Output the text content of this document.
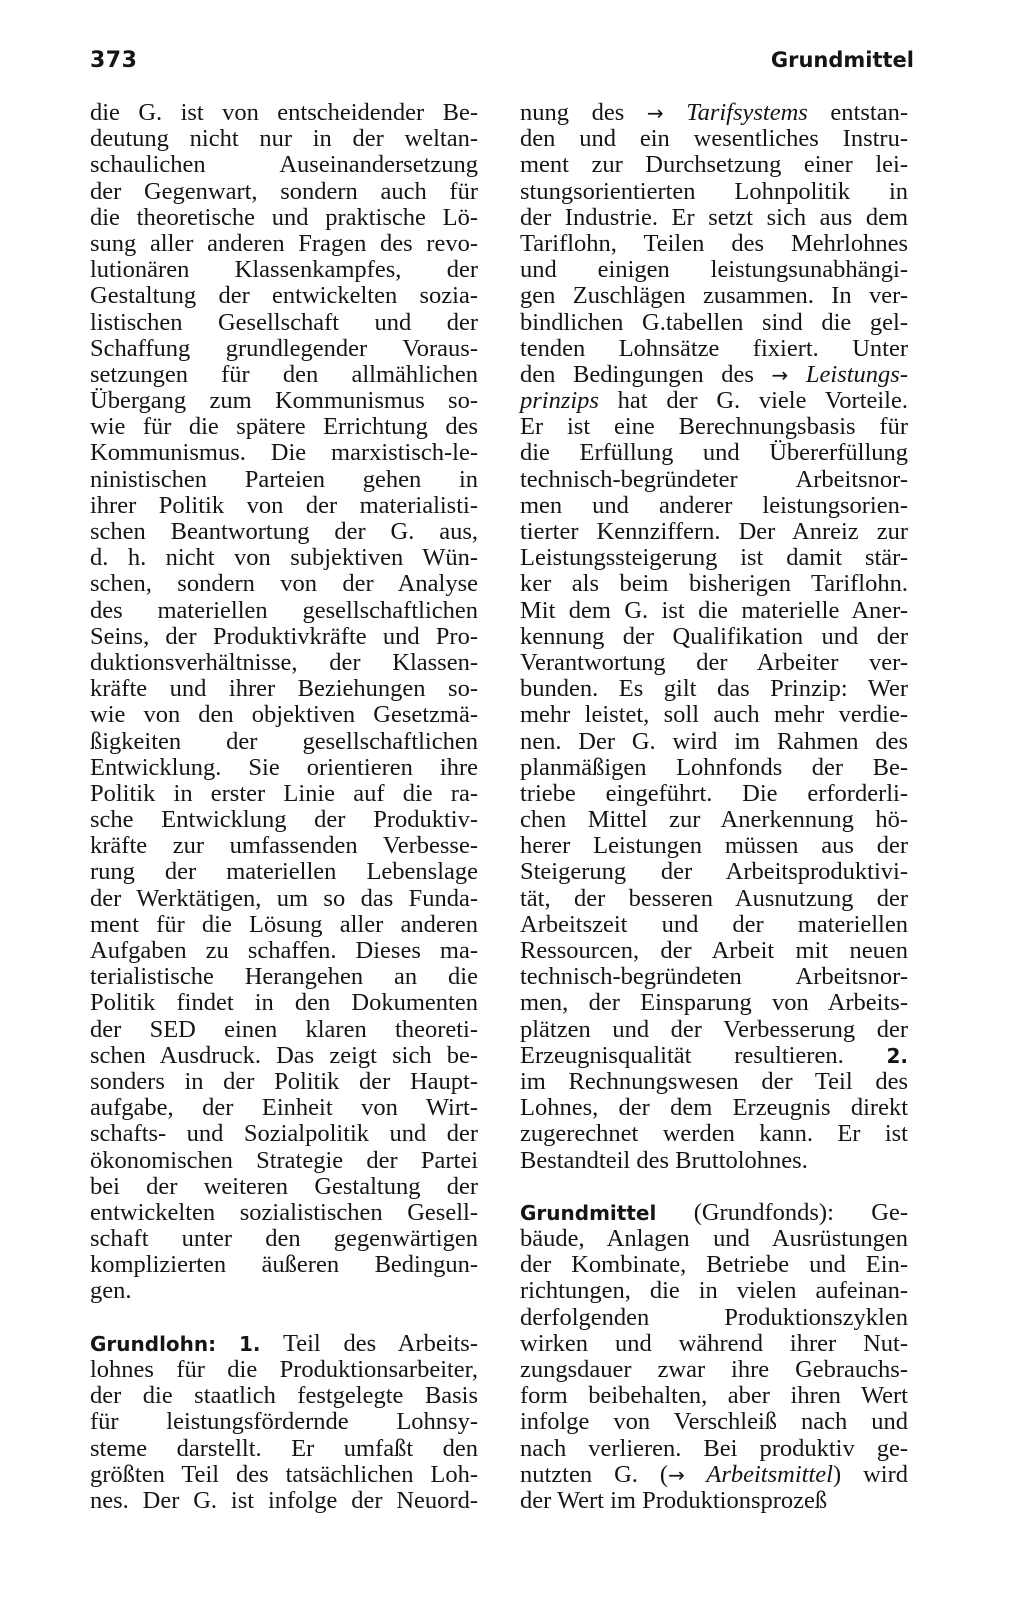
373	Grundmittel
die G. ist von entscheidender Be-
deutung nicht nur in der weltan-
schaulichen Auseinandersetzung
der Gegenwart, sondern auch für
die theoretische und praktische Lö-
sung aller anderen Fragen des revo-
lutionären Klassenkampfes, der
Gestaltung der entwickelten sozia-
listischen Gesellschaft und der
Schaffung grundlegender Voraus-
setzungen für den allmählichen
Übergang zum Kommunismus so-
wie für die spätere Errichtung des
Kommunismus. Die marxistisch-le-
ninistischen Parteien gehen in
ihrer Politik von der materialisti-
schen Beantwortung der G. aus,
d. h. nicht von subjektiven Wün-
schen, sondern von der Analyse
des materiellen gesellschaftlichen
Seins, der Produktivkräfte und Pro-
duktionsverhältnisse, der Klassen-
kräfte und ihrer Beziehungen so-
wie von den objektiven Gesetzmä-
ßigkeiten der gesellschaftlichen
Entwicklung. Sie orientieren ihre
Politik in erster Linie auf die ra-
sche Entwicklung der Produktiv-
kräfte zur umfassenden Verbesse-
rung der materiellen Lebenslage
der Werktätigen, um so das Funda-
ment für die Lösung aller anderen
Aufgaben zu schaffen. Dieses ma-
terialistische Herangehen an die
Politik findet in den Dokumenten
der SED einen klaren theoreti-
schen Ausdruck. Das zeigt sich be-
sonders in der Politik der Haupt-
aufgabe, der Einheit von Wirt-
schafts- und Sozialpolitik und der
ökonomischen Strategie der Partei
bei der weiteren Gestaltung der
entwickelten sozialistischen Gesell-
schaft unter den gegenwärtigen
komplizierten äußeren Bedingun-
gen.
Grundlohn: 1. Teil des Arbeits-
lohnes für die Produktionsarbeiter,
der die staatlich festgelegte Basis
für leistungsfördernde Lohnsy-
steme darstellt. Er umfaßt den
größten Teil des tatsächlichen Loh-
nes. Der G. ist infolge der Neuord-
nung des → Tarifsystems entstan-
den und ein wesentliches Instru-
ment zur Durchsetzung einer lei-
stungsorientierten Lohnpolitik in
der Industrie. Er setzt sich aus dem
Tariflohn, Teilen des Mehrlohnes
und einigen leistungsunabhängi-
gen Zuschlägen zusammen. In ver-
bindlichen G.tabellen sind die gel-
tenden Lohnsätze fixiert. Unter
den Bedingungen des → Leistungs-
prinzips hat der G. viele Vorteile.
Er ist eine Berechnungsbasis für
die Erfüllung und Übererfüllung
technisch-begründeter Arbeitsnor-
men und anderer leistungsorien-
tierter Kennziffern. Der Anreiz zur
Leistungssteigerung ist damit stär-
ker als beim bisherigen Tariflohn.
Mit dem G. ist die materielle Aner-
kennung der Qualifikation und der
Verantwortung der Arbeiter ver-
bunden. Es gilt das Prinzip: Wer
mehr leistet, soll auch mehr verdie-
nen. Der G. wird im Rahmen des
planmäßigen Lohnfonds der Be-
triebe eingeführt. Die erforderli-
chen Mittel zur Anerkennung hö-
herer Leistungen müssen aus der
Steigerung der Arbeitsproduktivi-
tät, der besseren Ausnutzung der
Arbeitszeit und der materiellen
Ressourcen, der Arbeit mit neuen
technisch-begründeten Arbeitsnor-
men, der Einsparung von Arbeits-
plätzen und der Verbesserung der
Erzeugnisqualität resultieren. 2.
im Rechnungswesen der Teil des
Lohnes, der dem Erzeugnis direkt
zugerechnet werden kann. Er ist
Bestandteil des Bruttolohnes.
Grundmittel (Grundfonds): Ge-
bäude, Anlagen und Ausrüstungen
der Kombinate, Betriebe und Ein-
richtungen, die in vielen aufeinan-
derfolgenden Produktionszyklen
wirken und während ihrer Nut-
zungsdauer zwar ihre Gebrauchs-
form beibehalten, aber ihren Wert
infolge von Verschleiß nach und
nach verlieren. Bei produktiv ge-
nutzten G. (→ Arbeitsmittel) wird
der Wert im Produktionsprozeß
